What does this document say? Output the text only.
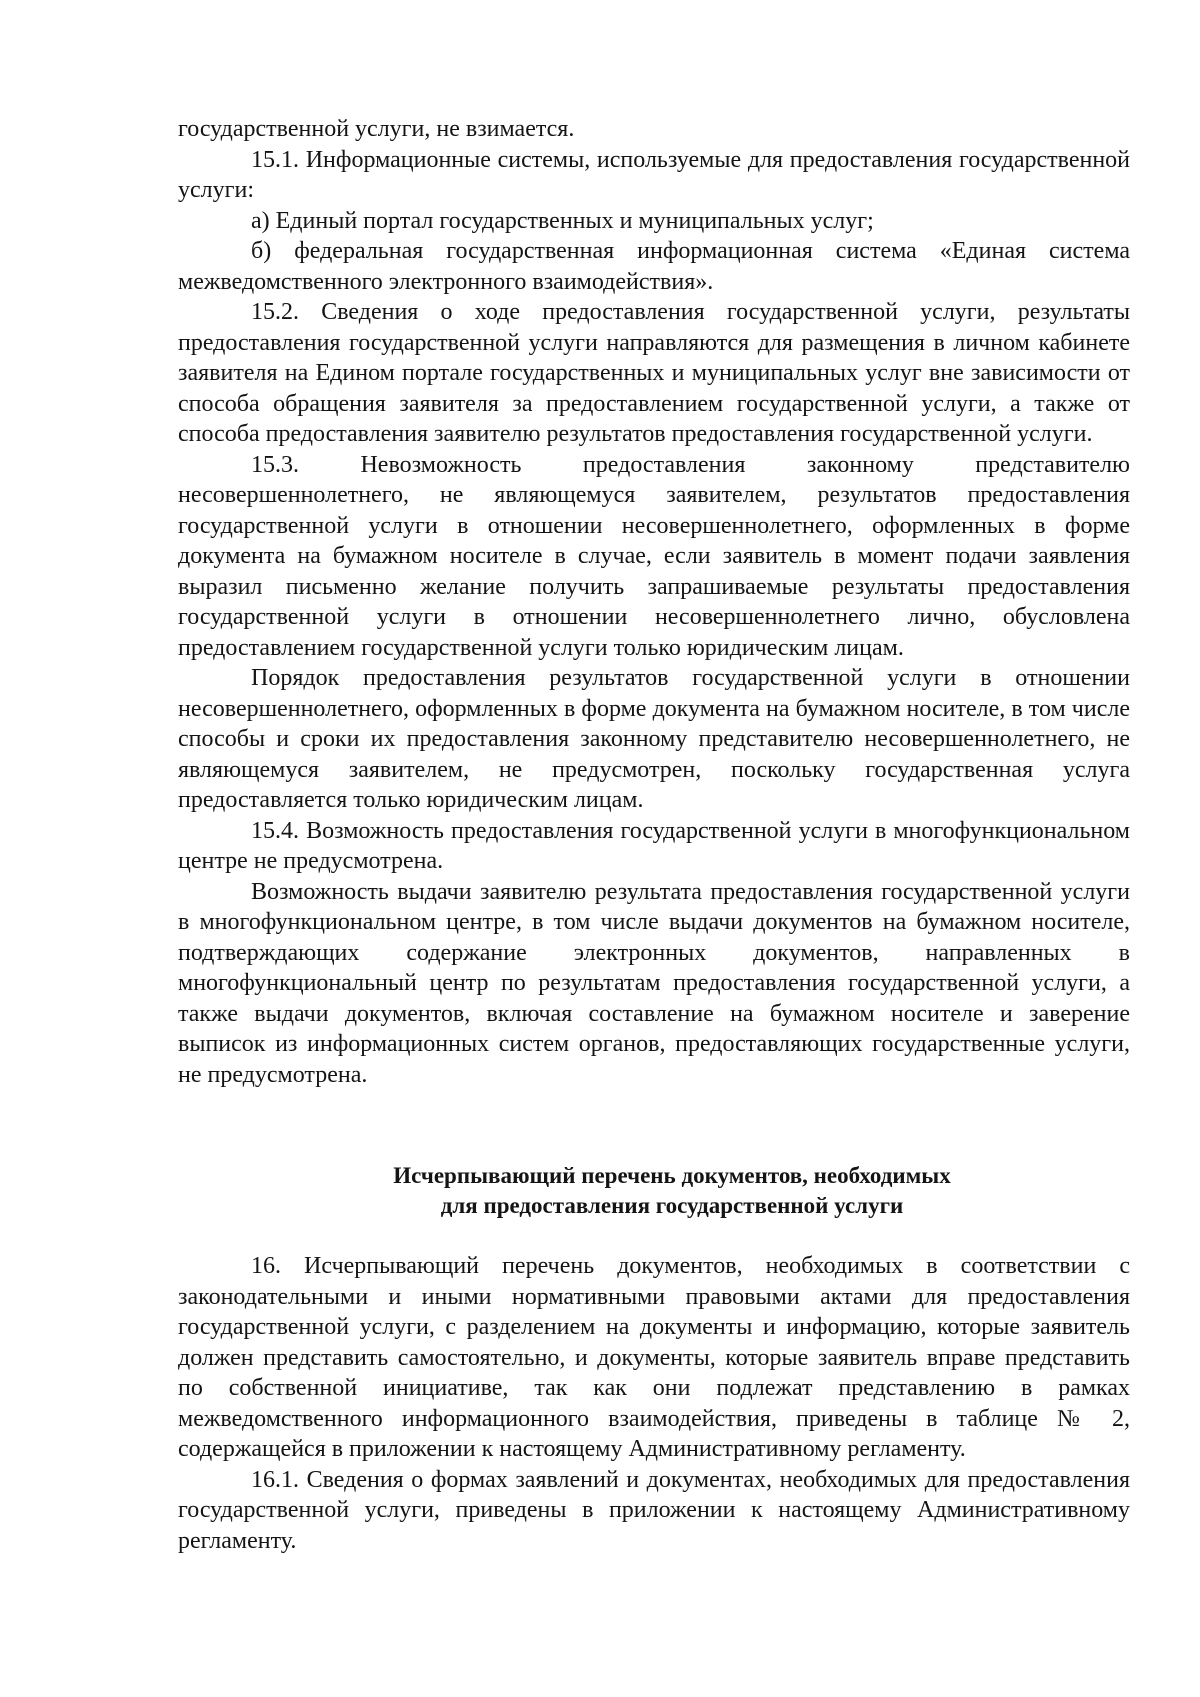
государственной услуги, не взимается.

15.1. Информационные системы, используемые для предоставления государственной услуги:

а) Единый портал государственных и муниципальных услуг;

б) федеральная государственная информационная система «Единая система межведомственного электронного взаимодействия».

15.2. Сведения о ходе предоставления государственной услуги, результаты предоставления государственной услуги направляются для размещения в личном кабинете заявителя на Едином портале государственных и муниципальных услуг вне зависимости от способа обращения заявителя за предоставлением государственной услуги, а также от способа предоставления заявителю результатов предоставления государственной услуги.

15.3. Невозможность предоставления законному представителю несовершеннолетнего, не являющемуся заявителем, результатов предоставления государственной услуги в отношении несовершеннолетнего, оформленных в форме документа на бумажном носителе в случае, если заявитель в момент подачи заявления выразил письменно желание получить запрашиваемые результаты предоставления государственной услуги в отношении несовершеннолетнего лично, обусловлена предоставлением государственной услуги только юридическим лицам.

Порядок предоставления результатов государственной услуги в отношении несовершеннолетнего, оформленных в форме документа на бумажном носителе, в том числе способы и сроки их предоставления законному представителю несовершеннолетнего, не являющемуся заявителем, не предусмотрен, поскольку государственная услуга предоставляется только юридическим лицам.

15.4. Возможность предоставления государственной услуги в многофункциональном центре не предусмотрена.

Возможность выдачи заявителю результата предоставления государственной услуги в многофункциональном центре, в том числе выдачи документов на бумажном носителе, подтверждающих содержание электронных документов, направленных в многофункциональный центр по результатам предоставления государственной услуги, а также выдачи документов, включая составление на бумажном носителе и заверение выписок из информационных систем органов, предоставляющих государственные услуги, не предусмотрена.

Исчерпывающий перечень документов, необходимых
для предоставления государственной услуги

16. Исчерпывающий перечень документов, необходимых в соответствии с законодательными и иными нормативными правовыми актами для предоставления государственной услуги, с разделением на документы и информацию, которые заявитель должен представить самостоятельно, и документы, которые заявитель вправе представить по собственной инициативе, так как они подлежат представлению в рамках межведомственного информационного взаимодействия, приведены в таблице № 2, содержащейся в приложении к настоящему Административному регламенту.

16.1. Сведения о формах заявлений и документах, необходимых для предоставления государственной услуги, приведены в приложении к настоящему Административному регламенту.
